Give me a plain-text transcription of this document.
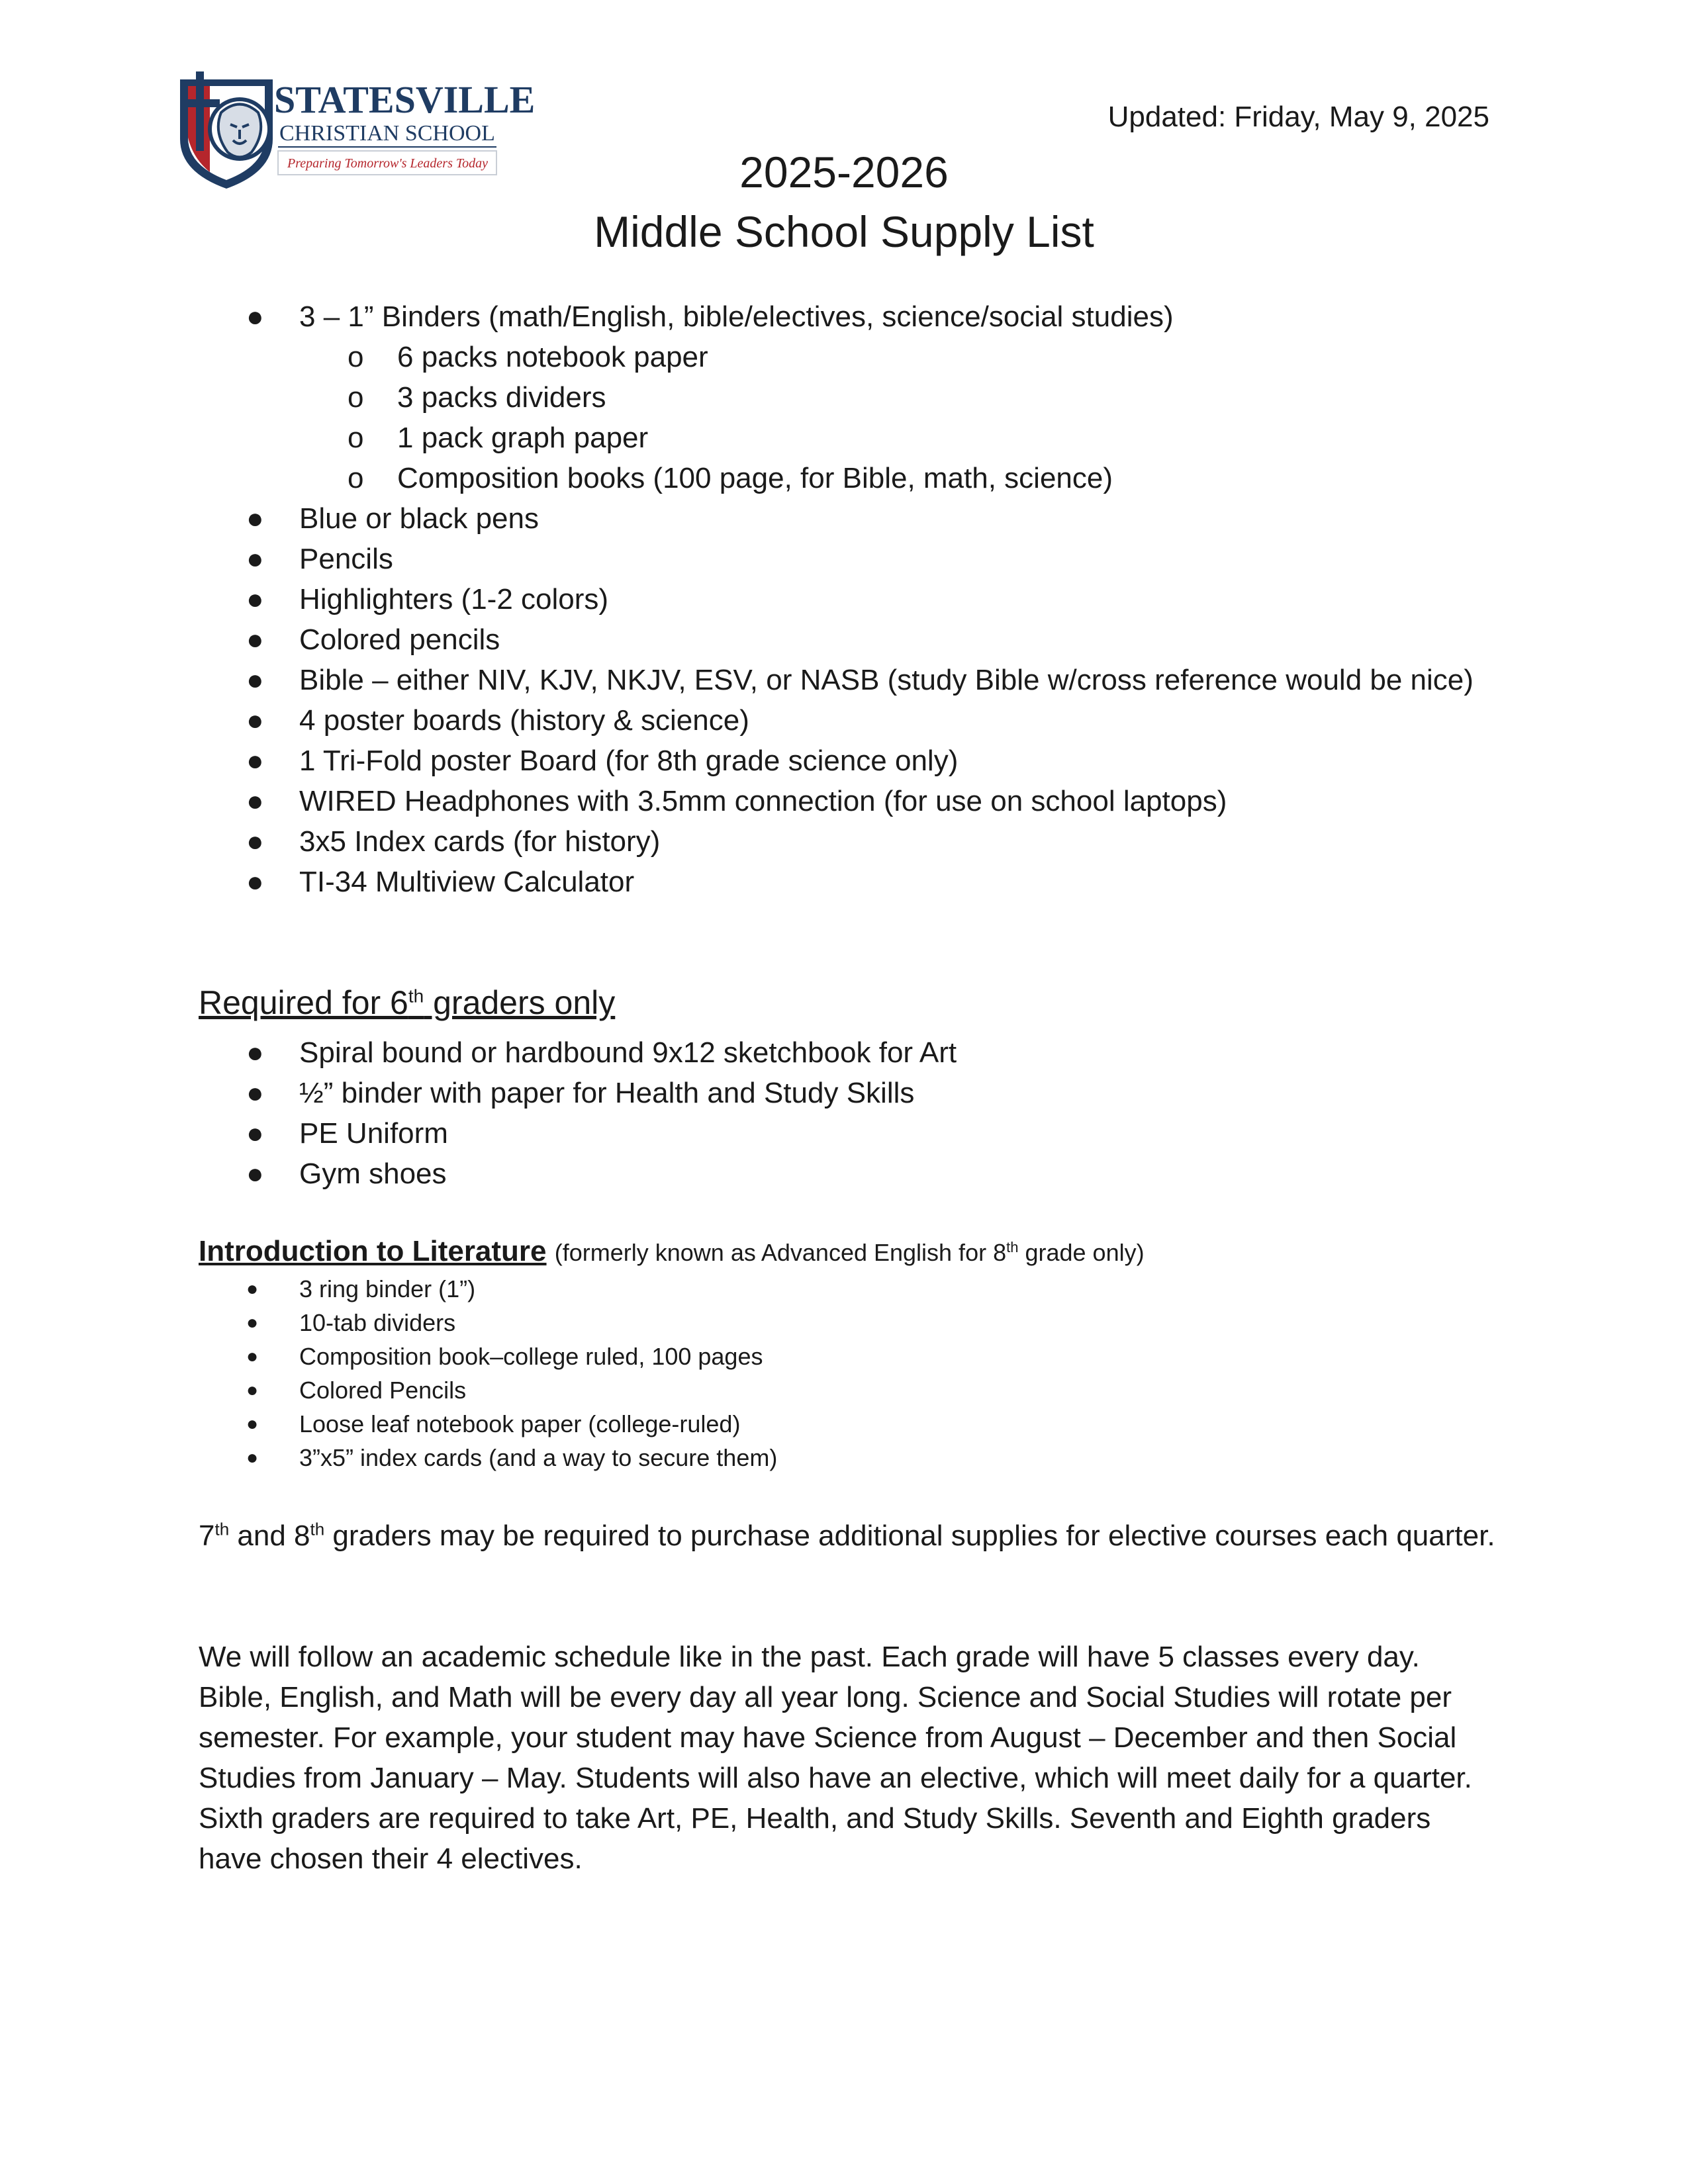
STATESVILLE
CHRISTIAN SCHOOL
Preparing Tomorrow's Leaders Today
Updated: Friday, May 9, 2025
2025-2026
Middle School Supply List
●	3 – 1” Binders (math/English, bible/electives, science/social studies)
o	6 packs notebook paper
o	3 packs dividers
o	1 pack graph paper
o	Composition books (100 page, for Bible, math, science)
●	Blue or black pens
●	Pencils
●	Highlighters (1-2 colors)
●	Colored pencils
●	Bible – either NIV, KJV, NKJV, ESV, or NASB (study Bible w/cross reference would be nice)
●	4 poster boards (history & science)
●	1 Tri-Fold poster Board (for 8th grade science only)
●	WIRED Headphones with 3.5mm connection (for use on school laptops)
●	3x5 Index cards (for history)
●	TI-34 Multiview Calculator
Required for 6th graders only
●	Spiral bound or hardbound 9x12 sketchbook for Art
●	½” binder with paper for Health and Study Skills
●	PE Uniform
●	Gym shoes
Introduction to Literature (formerly known as Advanced English for 8th grade only)
●	3 ring binder (1”)
●	10-tab dividers
●	Composition book–college ruled, 100 pages
●	Colored Pencils
●	Loose leaf notebook paper (college-ruled)
●	3”x5” index cards (and a way to secure them)
7th and 8th graders may be required to purchase additional supplies for elective courses each quarter.
We will follow an academic schedule like in the past. Each grade will have 5 classes every day. Bible, English, and Math will be every day all year long. Science and Social Studies will rotate per semester. For example, your student may have Science from August – December and then Social Studies from January – May. Students will also have an elective, which will meet daily for a quarter. Sixth graders are required to take Art, PE, Health, and Study Skills. Seventh and Eighth graders have chosen their 4 electives.
